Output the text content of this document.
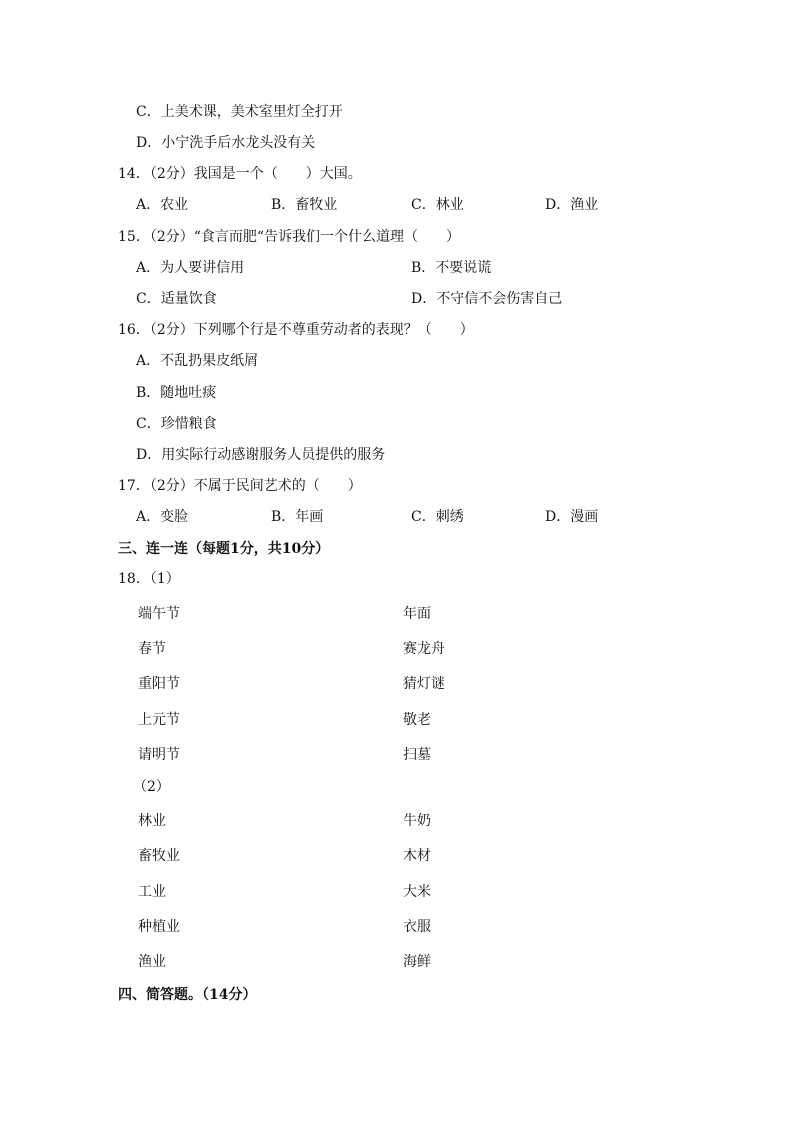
C．上美术课，美术室里灯全打开
D．小宁洗手后水龙头没有关
14．（2分）我国是一个（　　）大国。
A．农业	B．畜牧业	C．林业	D．渔业
15．（2分）“食言而肥“告诉我们一个什么道理（　　）
A．为人要讲信用	B．不要说谎
C．适量饮食	D．不守信不会伤害自己
16．（2分）下列哪个行是不尊重劳动者的表现？（　　）
A．不乱扔果皮纸屑
B．随地吐痰
C．珍惜粮食
D．用实际行动感谢服务人员提供的服务
17．（2分）不属于民间艺术的（　　）
A．变脸	B．年画	C．刺绣	D．漫画
三、连一连（每题1分，共10分）
18．（1）
端午节	年面
春节	赛龙舟
重阳节	猜灯谜
上元节	敬老
请明节	扫墓
（2）
林业	牛奶
畜牧业	木材
工业	大米
种植业	衣服
渔业	海鲜
四、简答题。（14分）
